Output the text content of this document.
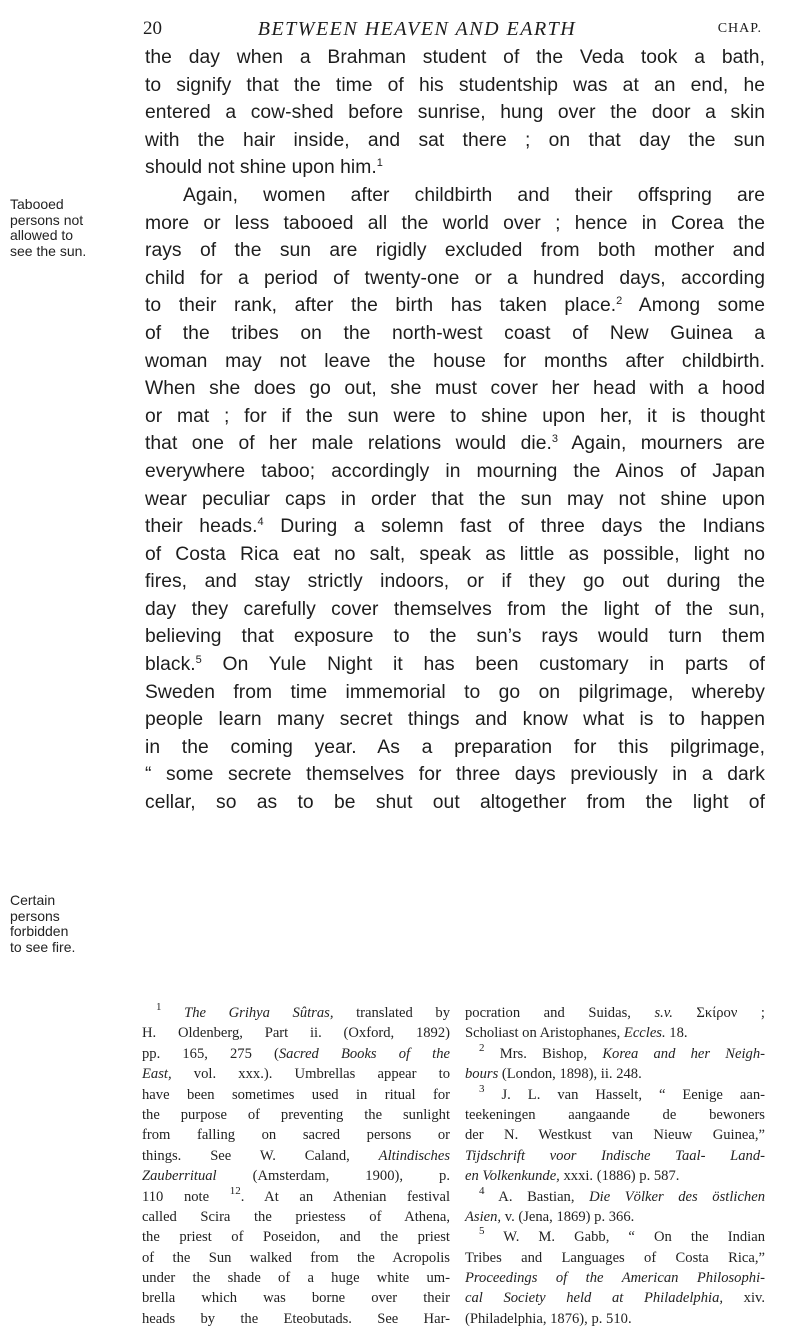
20	BETWEEN HEAVEN AND EARTH	CHAP.
Tabooed
persons not
allowed to
see the sun.
Certain
persons
forbidden
to see fire.
the day when a Brahman student of the Veda took a bath,
to signify that the time of his studentship was at an end, he
entered a cow-shed before sunrise, hung over the door a skin
with the hair inside, and sat there ; on that day the sun
should not shine upon him.$^1$
Again, women after childbirth and their offspring are
more or less tabooed all the world over ; hence in Corea the
rays of the sun are rigidly excluded from both mother and
child for a period of twenty-one or a hundred days, according
to their rank, after the birth has taken place.$^2$ Among some
of the tribes on the north-west coast of New Guinea a
woman may not leave the house for months after childbirth.
When she does go out, she must cover her head with a hood
or mat ; for if the sun were to shine upon her, it is thought
that one of her male relations would die.$^3$ Again, mourners are
everywhere taboo; accordingly in mourning the Ainos of Japan
wear peculiar caps in order that the sun may not shine upon
their heads.$^4$ During a solemn fast of three days the Indians
of Costa Rica eat no salt, speak as little as possible, light no
fires, and stay strictly indoors, or if they go out during the
day they carefully cover themselves from the light of the sun,
believing that exposure to the sun’s rays would turn them
black.$^5$ On Yule Night it has been customary in parts of
Sweden from time immemorial to go on pilgrimage, whereby
people learn many secret things and know what is to happen
in the coming year. As a preparation for this pilgrimage,
“ some secrete themselves for three days previously in a dark
cellar, so as to be shut out altogether from the light of
$^1$ The Grihya Sûtras, translated by
H. Oldenberg, Part ii. (Oxford, 1892)
pp. 165, 275 (Sacred Books of the
East, vol. xxx.). Umbrellas appear to
have been sometimes used in ritual for
the purpose of preventing the sunlight
from falling on sacred persons or
things. See W. Caland, Altindisches
Zauberritual (Amsterdam, 1900), p.
110 note $^{12}$. At an Athenian festival
called Scira the priestess of Athena,
the priest of Poseidon, and the priest
of the Sun walked from the Acropolis
under the shade of a huge white um-
brella which was borne over their
heads by the Eteobutads. See Har-
pocration and Suidas, s.v. Σκίρον ;
Scholiast on Aristophanes, Eccles. 18.
$^2$ Mrs. Bishop, Korea and her Neigh-
bours (London, 1898), ii. 248.
$^3$ J. L. van Hasselt, “ Eenige aan-
teekeningen aangaande de bewoners
der N. Westkust van Nieuw Guinea,”
Tijdschrift voor Indische Taal- Land-
en Volkenkunde, xxxi. (1886) p. 587.
$^4$ A. Bastian, Die Völker des östlichen
Asien, v. (Jena, 1869) p. 366.
$^5$ W. M. Gabb, “ On the Indian
Tribes and Languages of Costa Rica,”
Proceedings of the American Philosophi-
cal Society held at Philadelphia, xiv.
(Philadelphia, 1876), p. 510.
